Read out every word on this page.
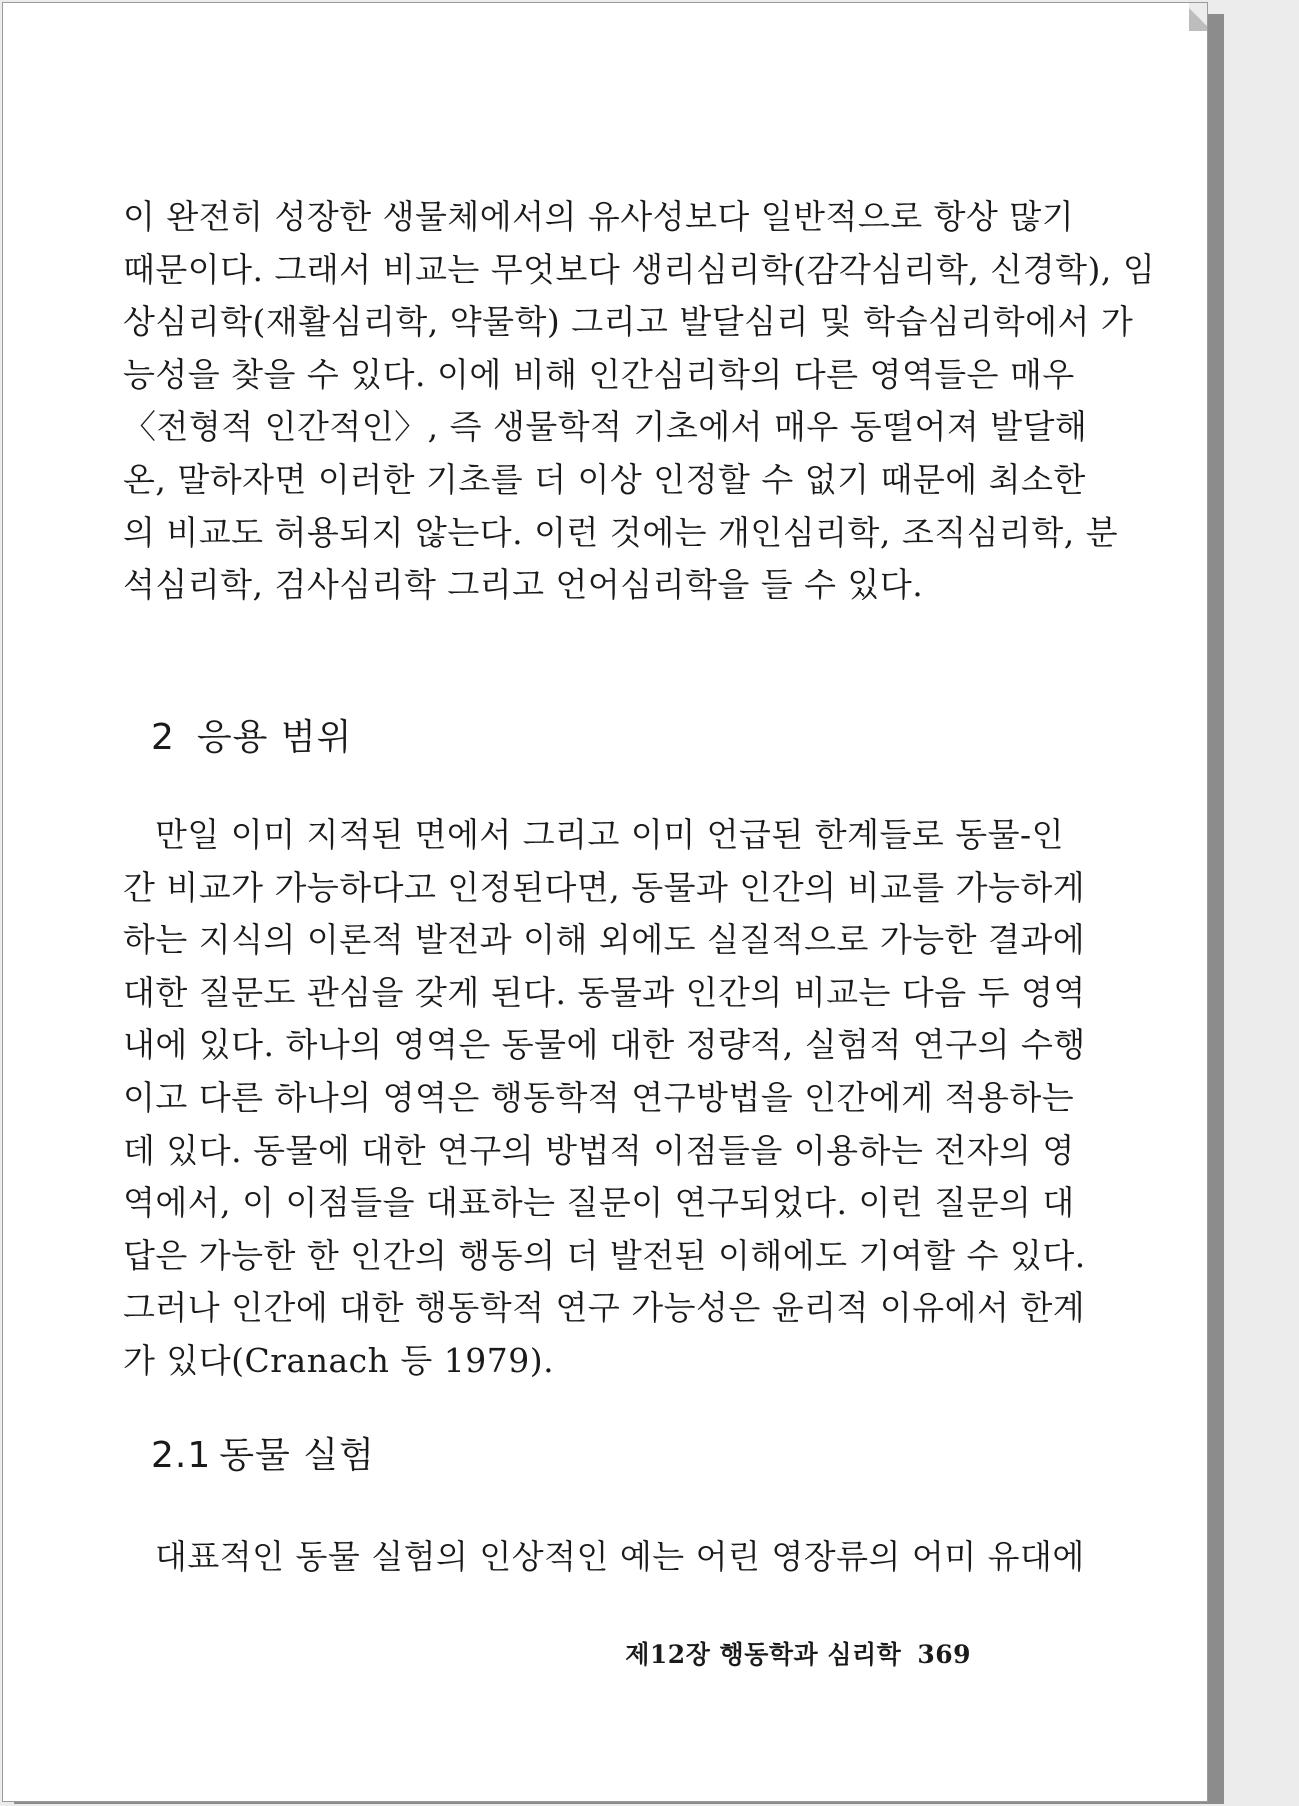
이 완전히 성장한 생물체에서의 유사성보다 일반적으로 항상 많기
때문이다. 그래서 비교는 무엇보다 생리심리학(감각심리학, 신경학), 임
상심리학(재활심리학, 약물학) 그리고 발달심리 및 학습심리학에서 가
능성을 찾을 수 있다. 이에 비해 인간심리학의 다른 영역들은 매우
〈전형적 인간적인〉, 즉 생물학적 기초에서 매우 동떨어져 발달해
온, 말하자면 이러한 기초를 더 이상 인정할 수 없기 때문에 최소한
의 비교도 허용되지 않는다. 이런 것에는 개인심리학, 조직심리학, 분
석심리학, 검사심리학 그리고 언어심리학을 들 수 있다.

2 응용 범위

만일 이미 지적된 면에서 그리고 이미 언급된 한계들로 동물-인
간 비교가 가능하다고 인정된다면, 동물과 인간의 비교를 가능하게
하는 지식의 이론적 발전과 이해 외에도 실질적으로 가능한 결과에
대한 질문도 관심을 갖게 된다. 동물과 인간의 비교는 다음 두 영역
내에 있다. 하나의 영역은 동물에 대한 정량적, 실험적 연구의 수행
이고 다른 하나의 영역은 행동학적 연구방법을 인간에게 적용하는
데 있다. 동물에 대한 연구의 방법적 이점들을 이용하는 전자의 영
역에서, 이 이점들을 대표하는 질문이 연구되었다. 이런 질문의 대
답은 가능한 한 인간의 행동의 더 발전된 이해에도 기여할 수 있다.
그러나 인간에 대한 행동학적 연구 가능성은 윤리적 이유에서 한계
가 있다(Cranach 등 1979).

2.1 동물 실험

대표적인 동물 실험의 인상적인 예는 어린 영장류의 어미 유대에

제12장 행동학과 심리학 369
